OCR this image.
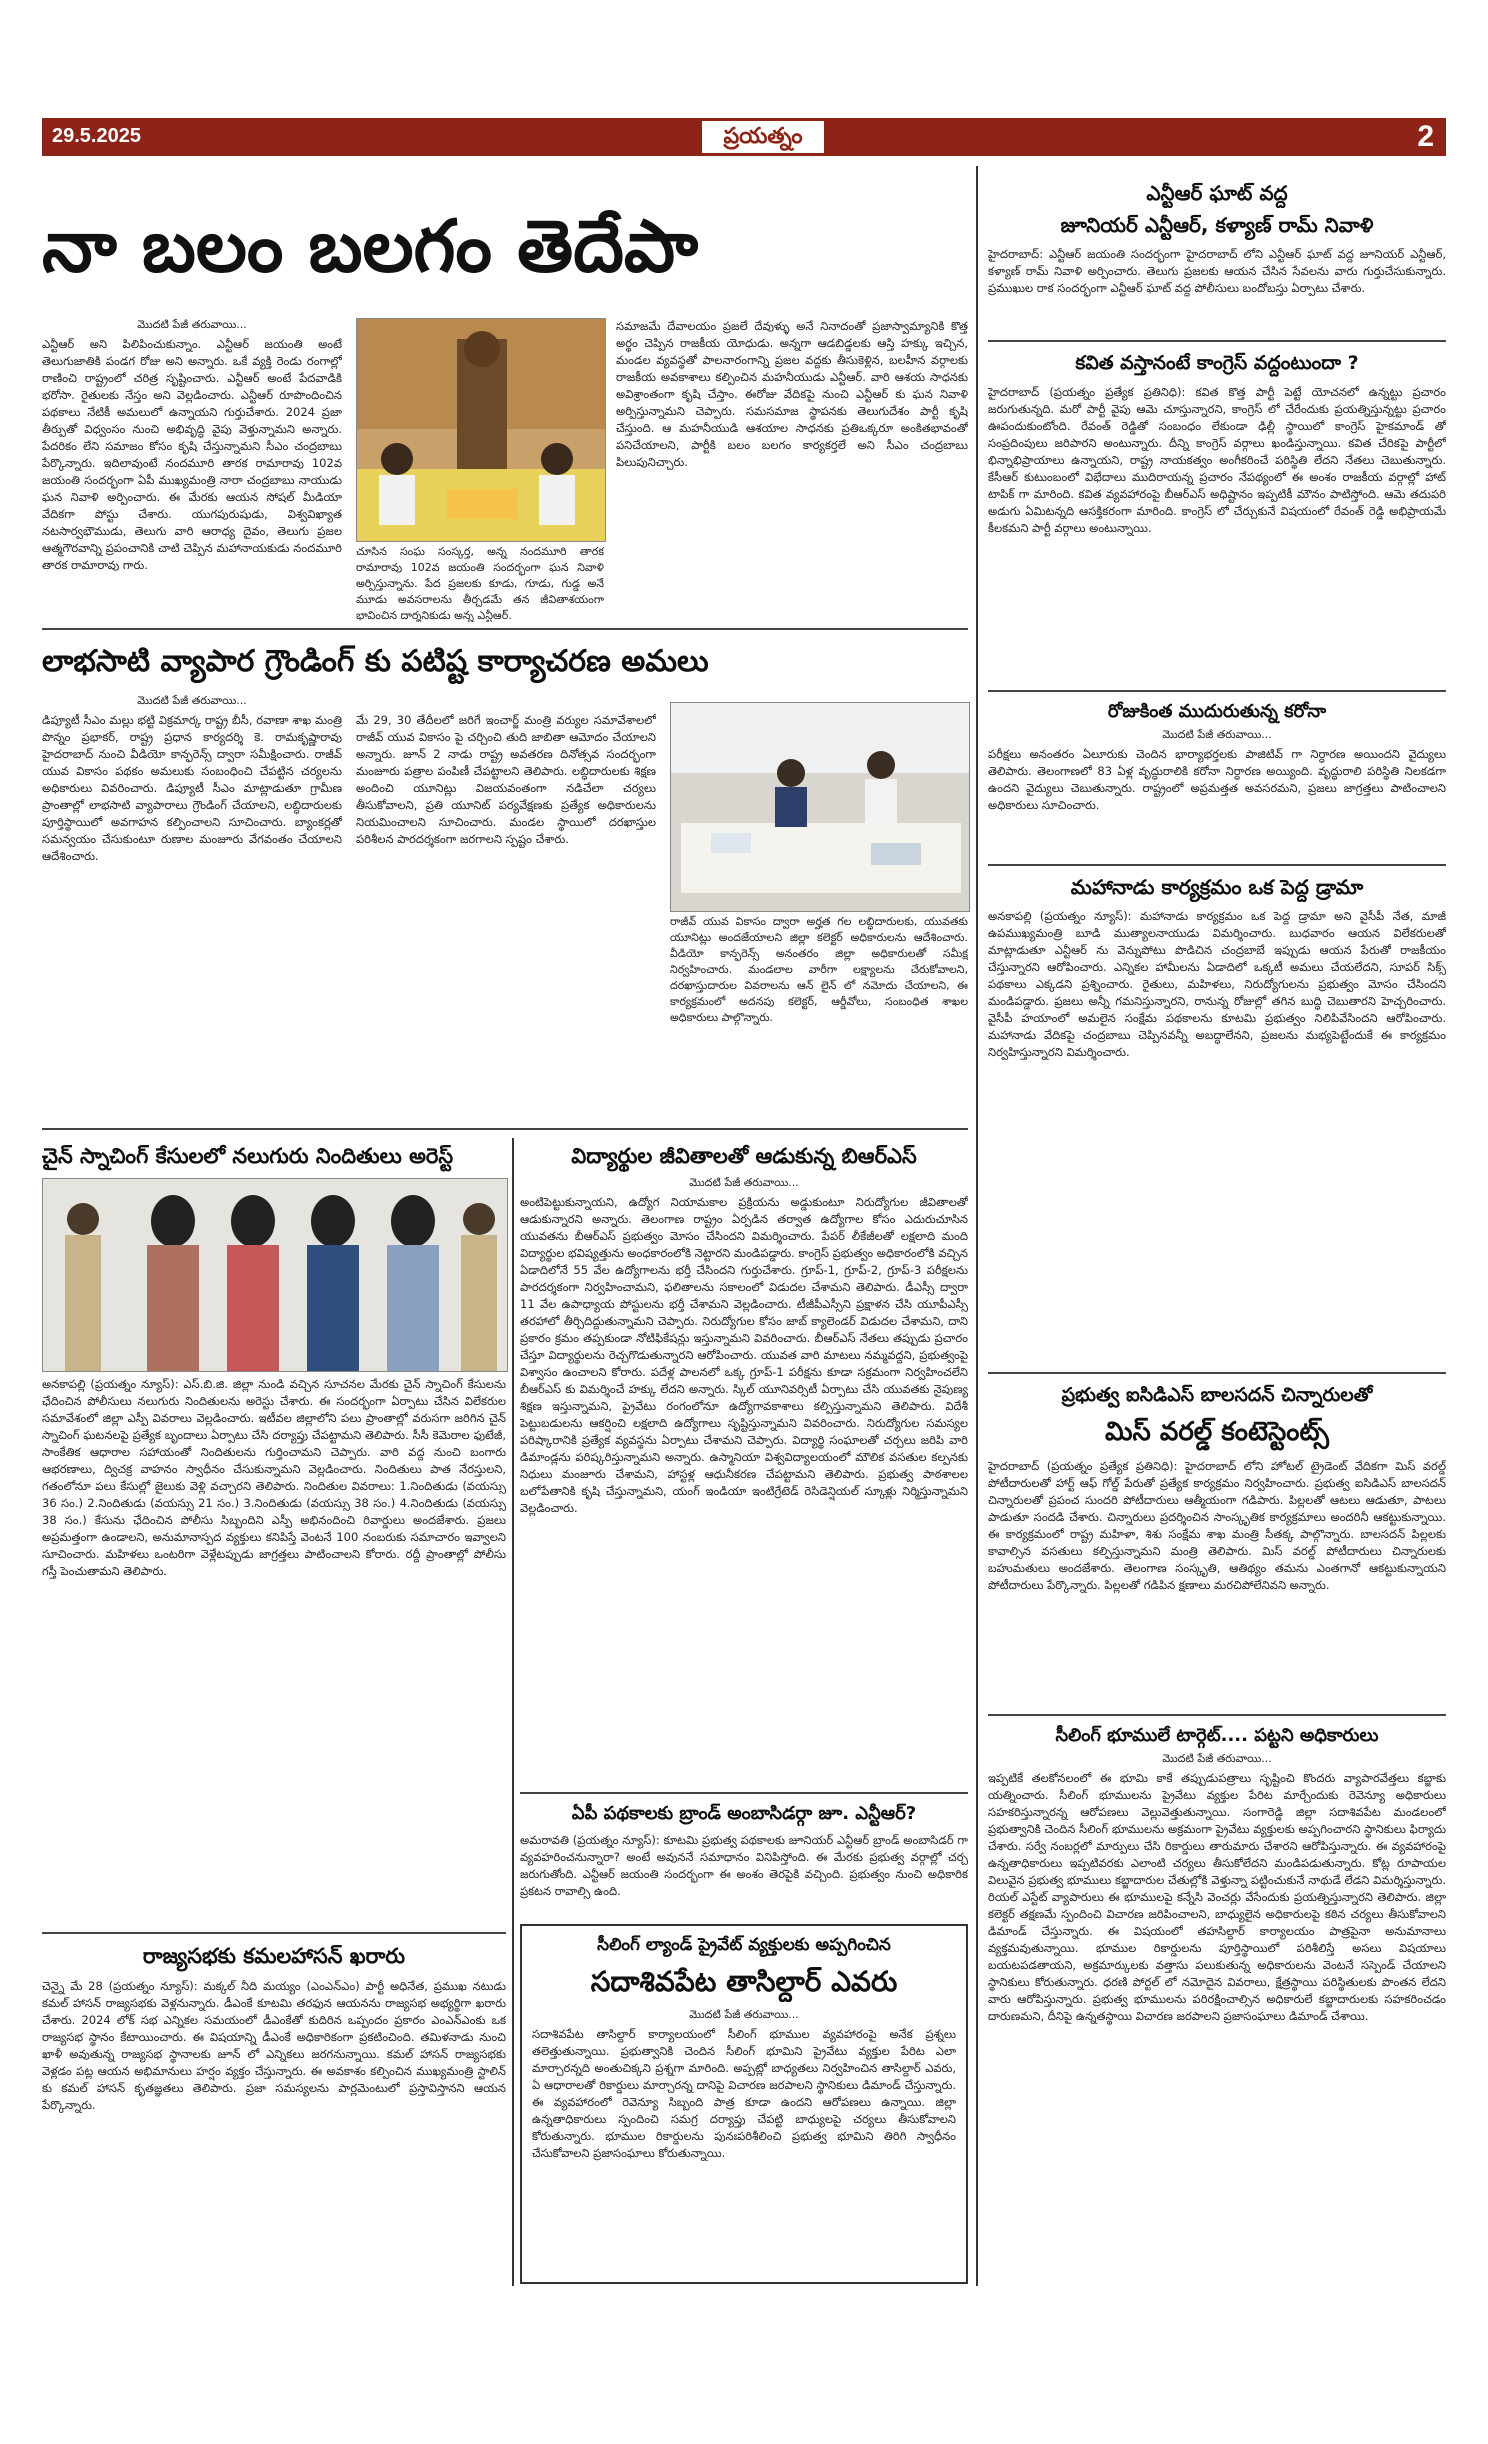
29.5.2025	ప్రయత్నం	2
నా బలం బలగం తెదేపా
మొదటి పేజీ తరువాయి...
ఎన్టీఆర్ అని పిలిపించుకున్నాం. ఎన్టీఆర్ జయంతి అంటే తెలుగుజాతికి పండగ రోజు అని అన్నారు. ఒకే వ్యక్తి రెండు రంగాల్లో రాణించి రాష్ట్రంలో చరిత్ర సృష్టించారు. ఎన్టీఆర్ అంటే పేదవాడికి భరోసా. రైతులకు నేస్తం అని వెల్లడించారు. ఎన్టీఆర్ రూపొందించిన పథకాలు నేటికీ అమలులో ఉన్నాయని గుర్తుచేశారు. 2024 ప్రజా తీర్పుతో విధ్వంసం నుంచి అభివృద్ధి వైపు వెళ్తున్నామని అన్నారు. పేదరికం లేని సమాజం కోసం కృషి చేస్తున్నామని సీఎం చంద్రబాబు పేర్కొన్నారు. ఇదిలావుంటే నందమూరి తారక రామారావు 102వ జయంతి సందర్భంగా ఏపీ ముఖ్యమంత్రి నారా చంద్రబాబు నాయుడు ఘన నివాళి అర్పించారు. ఈ మేరకు ఆయన సోషల్ మీడియా వేదికగా పోస్టు చేశారు. యుగపురుషుడు, విశ్వవిఖ్యాత నటసార్వభౌముడు, తెలుగు వారి ఆరాధ్య దైవం, తెలుగు ప్రజల ఆత్మగౌరవాన్ని ప్రపంచానికి చాటి చెప్పిన మహానాయకుడు నందమూరి తారక రామారావు గారు.
చూసిన సంఘ సంస్కర్త, అన్న నందమూరి తారక రామారావు 102వ జయంతి సందర్భంగా ఘన నివాళి అర్పిస్తున్నాను. పేద ప్రజలకు కూడు, గూడు, గుడ్డ అనే మూడు అవసరాలను తీర్చడమే తన జీవితాశయంగా భావించిన దార్శనికుడు అన్న ఎన్టీఆర్.
సమాజమే దేవాలయం ప్రజలే దేవుళ్ళు అనే నినాదంతో ప్రజాస్వామ్యానికి కొత్త అర్థం చెప్పిన రాజకీయ యోధుడు. అన్నగా ఆడబిడ్డలకు ఆస్తి హక్కు ఇచ్చిన, మండల వ్యవస్థతో పాలనారంగాన్ని ప్రజల వద్దకు తీసుకెళ్లిన, బలహీన వర్గాలకు రాజకీయ అవకాశాలు కల్పించిన మహనీయుడు ఎన్టీఆర్. వారి ఆశయ సాధనకు అవిశ్రాంతంగా కృషి చేస్తాం. ఈరోజు వేదికపై నుంచి ఎన్టీఆర్ కు ఘన నివాళి అర్పిస్తున్నామని చెప్పారు. సమసమాజ స్థాపనకు తెలుగుదేశం పార్టీ కృషి చేస్తుంది. ఆ మహనీయుడి ఆశయాల సాధనకు ప్రతిఒక్కరూ అంకితభావంతో పనిచేయాలని, పార్టీకి బలం బలగం కార్యకర్తలే అని సీఎం చంద్రబాబు పిలుపునిచ్చారు.
లాభసాటి వ్యాపార గ్రౌండింగ్ కు పటిష్ట కార్యాచరణ అమలు
మొదటి పేజీ తరువాయి...
డిప్యూటీ సీఎం మల్లు భట్టి విక్రమార్క రాష్ట్ర బీసీ, రవాణా శాఖ మంత్రి పొన్నం ప్రభాకర్, రాష్ట్ర ప్రధాన కార్యదర్శి కె. రామకృష్ణారావు హైదరాబాద్ నుంచి వీడియో కాన్ఫరెన్స్ ద్వారా సమీక్షించారు. రాజీవ్ యువ వికాసం పథకం అమలుకు సంబంధించి చేపట్టిన చర్యలను అధికారులు వివరించారు. డిప్యూటీ సీఎం మాట్లాడుతూ గ్రామీణ ప్రాంతాల్లో లాభసాటి వ్యాపారాలు గ్రౌండింగ్ చేయాలని, లబ్ధిదారులకు పూర్తిస్థాయిలో అవగాహన కల్పించాలని సూచించారు. బ్యాంకర్లతో సమన్వయం చేసుకుంటూ రుణాల మంజూరు వేగవంతం చేయాలని ఆదేశించారు.
మే 29, 30 తేదీలలో జరిగే ఇంచార్జ్ మంత్రి వర్యుల సమావేశాలలో రాజీవ్ యువ వికాసం పై చర్చించి తుది జాబితా ఆమోదం చేయాలని అన్నారు. జూన్ 2 నాడు రాష్ట్ర అవతరణ దినోత్సవ సందర్భంగా మంజూరు పత్రాల పంపిణీ చేపట్టాలని తెలిపారు. లబ్ధిదారులకు శిక్షణ అందించి యూనిట్లు విజయవంతంగా నడిచేలా చర్యలు తీసుకోవాలని, ప్రతి యూనిట్ పర్యవేక్షణకు ప్రత్యేక అధికారులను నియమించాలని సూచించారు. మండల స్థాయిలో దరఖాస్తుల పరిశీలన పారదర్శకంగా జరగాలని స్పష్టం చేశారు.
రాజీవ్ యువ వికాసం ద్వారా అర్హత గల లబ్ధిదారులకు, యువతకు యూనిట్లు అందజేయాలని జిల్లా కలెక్టర్ అధికారులను ఆదేశించారు. వీడియో కాన్ఫరెన్స్ అనంతరం జిల్లా అధికారులతో సమీక్ష నిర్వహించారు. మండలాల వారీగా లక్ష్యాలను చేరుకోవాలని, దరఖాస్తుదారుల వివరాలను ఆన్ లైన్ లో నమోదు చేయాలని, ఈ కార్యక్రమంలో అదనపు కలెక్టర్, ఆర్డీవోలు, సంబంధిత శాఖల అధికారులు పాల్గొన్నారు.
చైన్ స్నాచింగ్ కేసులలో నలుగురు నిందితులు అరెస్ట్
అనకాపల్లి (ప్రయత్నం న్యూస్): ఎస్.బి.జి. జిల్లా నుండి వచ్చిన సూచనల మేరకు చైన్ స్నాచింగ్ కేసులను ఛేదించిన పోలీసులు నలుగురు నిందితులను అరెస్టు చేశారు. ఈ సందర్భంగా ఏర్పాటు చేసిన విలేకరుల సమావేశంలో జిల్లా ఎస్పీ వివరాలు వెల్లడించారు. ఇటీవల జిల్లాలోని పలు ప్రాంతాల్లో వరుసగా జరిగిన చైన్ స్నాచింగ్ ఘటనలపై ప్రత్యేక బృందాలు ఏర్పాటు చేసి దర్యాప్తు చేపట్టామని తెలిపారు. సీసీ కెమెరాల ఫుటేజీ, సాంకేతిక ఆధారాల సహాయంతో నిందితులను గుర్తించామని చెప్పారు. వారి వద్ద నుంచి బంగారు ఆభరణాలు, ద్విచక్ర వాహనం స్వాధీనం చేసుకున్నామని వెల్లడించారు. నిందితులు పాత నేరస్తులని, గతంలోనూ పలు కేసుల్లో జైలుకు వెళ్లి వచ్చారని తెలిపారు. నిందితుల వివరాలు: 1.నిందితుడు (వయస్సు 36 సం.) 2.నిందితుడు (వయస్సు 21 సం.) 3.నిందితుడు (వయస్సు 38 సం.) 4.నిందితుడు (వయస్సు 38 సం.) కేసును ఛేదించిన పోలీసు సిబ్బందిని ఎస్పీ అభినందించి రివార్డులు అందజేశారు. ప్రజలు అప్రమత్తంగా ఉండాలని, అనుమానాస్పద వ్యక్తులు కనిపిస్తే వెంటనే 100 నంబరుకు సమాచారం ఇవ్వాలని సూచించారు. మహిళలు ఒంటరిగా వెళ్లేటప్పుడు జాగ్రత్తలు పాటించాలని కోరారు. రద్దీ ప్రాంతాల్లో పోలీసు గస్తీ పెంచుతామని తెలిపారు.
రాజ్యసభకు కమలహాసన్ ఖరారు
చెన్నై మే 28 (ప్రయత్నం న్యూస్): మక్కల్ నీది మయ్యం (ఎంఎన్ఎం) పార్టీ అధినేత, ప్రముఖ నటుడు కమల్ హాసన్ రాజ్యసభకు వెళ్లనున్నారు. డీఎంకే కూటమి తరఫున ఆయనను రాజ్యసభ అభ్యర్థిగా ఖరారు చేశారు. 2024 లోక్ సభ ఎన్నికల సమయంలో డీఎంకేతో కుదిరిన ఒప్పందం ప్రకారం ఎంఎన్ఎంకు ఒక రాజ్యసభ స్థానం కేటాయించారు. ఈ విషయాన్ని డీఎంకే అధికారికంగా ప్రకటించింది. తమిళనాడు నుంచి ఖాళీ అవుతున్న రాజ్యసభ స్థానాలకు జూన్ లో ఎన్నికలు జరగనున్నాయి. కమల్ హాసన్ రాజ్యసభకు వెళ్లడం పట్ల ఆయన అభిమానులు హర్షం వ్యక్తం చేస్తున్నారు. ఈ అవకాశం కల్పించిన ముఖ్యమంత్రి స్టాలిన్ కు కమల్ హాసన్ కృతజ్ఞతలు తెలిపారు. ప్రజా సమస్యలను పార్లమెంటులో ప్రస్తావిస్తానని ఆయన పేర్కొన్నారు.
విద్యార్థుల జీవితాలతో ఆడుకున్న బిఆర్ఎస్
మొదటి పేజీ తరువాయి...
అంటిపెట్టుకున్నాయని, ఉద్యోగ నియామకాల ప్రక్రియను అడ్డుకుంటూ నిరుద్యోగుల జీవితాలతో ఆడుకున్నారని అన్నారు. తెలంగాణ రాష్ట్రం ఏర్పడిన తర్వాత ఉద్యోగాల కోసం ఎదురుచూసిన యువతను బీఆర్ఎస్ ప్రభుత్వం మోసం చేసిందని విమర్శించారు. పేపర్ లీకేజీలతో లక్షలాది మంది విద్యార్థుల భవిష్యత్తును అంధకారంలోకి నెట్టారని మండిపడ్డారు. కాంగ్రెస్ ప్రభుత్వం అధికారంలోకి వచ్చిన ఏడాదిలోనే 55 వేల ఉద్యోగాలను భర్తీ చేసిందని గుర్తుచేశారు. గ్రూప్-1, గ్రూప్-2, గ్రూప్-3 పరీక్షలను పారదర్శకంగా నిర్వహించామని, ఫలితాలను సకాలంలో విడుదల చేశామని తెలిపారు. డీఎస్సీ ద్వారా 11 వేల ఉపాధ్యాయ పోస్టులను భర్తీ చేశామని వెల్లడించారు. టీజీపీఎస్సీని ప్రక్షాళన చేసి యూపీఎస్సీ తరహాలో తీర్చిదిద్దుతున్నామని చెప్పారు. నిరుద్యోగుల కోసం జాబ్ క్యాలెండర్ విడుదల చేశామని, దాని ప్రకారం క్రమం తప్పకుండా నోటిఫికేషన్లు ఇస్తున్నామని వివరించారు. బీఆర్ఎస్ నేతలు తప్పుడు ప్రచారం చేస్తూ విద్యార్థులను రెచ్చగొడుతున్నారని ఆరోపించారు. యువత వారి మాటలు నమ్మవద్దని, ప్రభుత్వంపై విశ్వాసం ఉంచాలని కోరారు. పదేళ్ల పాలనలో ఒక్క గ్రూప్-1 పరీక్షను కూడా సక్రమంగా నిర్వహించలేని బీఆర్ఎస్ కు విమర్శించే హక్కు లేదని అన్నారు. స్కిల్ యూనివర్సిటీ ఏర్పాటు చేసి యువతకు నైపుణ్య శిక్షణ ఇస్తున్నామని, ప్రైవేటు రంగంలోనూ ఉద్యోగావకాశాలు కల్పిస్తున్నామని తెలిపారు. విదేశీ పెట్టుబడులను ఆకర్షించి లక్షలాది ఉద్యోగాలు సృష్టిస్తున్నామని వివరించారు. నిరుద్యోగుల సమస్యల పరిష్కారానికి ప్రత్యేక వ్యవస్థను ఏర్పాటు చేశామని చెప్పారు. విద్యార్థి సంఘాలతో చర్చలు జరిపి వారి డిమాండ్లను పరిష్కరిస్తున్నామని అన్నారు. ఉస్మానియా విశ్వవిద్యాలయంలో మౌలిక వసతుల కల్పనకు నిధులు మంజూరు చేశామని, హాస్టళ్ల ఆధునీకరణ చేపట్టామని తెలిపారు. ప్రభుత్వ పాఠశాలల బలోపేతానికి కృషి చేస్తున్నామని, యంగ్ ఇండియా ఇంటిగ్రేటెడ్ రెసిడెన్షియల్ స్కూళ్లు నిర్మిస్తున్నామని వెల్లడించారు.
ఏపీ పథకాలకు బ్రాండ్ అంబాసిడర్గా జూ. ఎన్టీఆర్?
అమరావతి (ప్రయత్నం న్యూస్): కూటమి ప్రభుత్వ పథకాలకు జూనియర్ ఎన్టీఆర్ బ్రాండ్ అంబాసిడర్ గా వ్యవహరించనున్నారా? అంటే అవుననే సమాధానం వినిపిస్తోంది. ఈ మేరకు ప్రభుత్వ వర్గాల్లో చర్చ జరుగుతోంది. ఎన్టీఆర్ జయంతి సందర్భంగా ఈ అంశం తెరపైకి వచ్చింది. ప్రభుత్వం నుంచి అధికారిక ప్రకటన రావాల్సి ఉంది.
సీలింగ్ ల్యాండ్ ప్రైవేట్ వ్యక్తులకు అప్పగించిన
సదాశివపేట తాసిల్దార్ ఎవరు
మొదటి పేజీ తరువాయి...
సదాశివపేట తాసిల్దార్ కార్యాలయంలో సీలింగ్ భూముల వ్యవహారంపై అనేక ప్రశ్నలు తలెత్తుతున్నాయి. ప్రభుత్వానికి చెందిన సీలింగ్ భూమిని ప్రైవేటు వ్యక్తుల పేరిట ఎలా మార్చారన్నది అంతుచిక్కని ప్రశ్నగా మారింది. అప్పట్లో బాధ్యతలు నిర్వహించిన తాసిల్దార్ ఎవరు, ఏ ఆధారాలతో రికార్డులు మార్చారన్న దానిపై విచారణ జరపాలని స్థానికులు డిమాండ్ చేస్తున్నారు. ఈ వ్యవహారంలో రెవెన్యూ సిబ్బంది పాత్ర కూడా ఉందని ఆరోపణలు ఉన్నాయి. జిల్లా ఉన్నతాధికారులు స్పందించి సమగ్ర దర్యాప్తు చేపట్టి బాధ్యులపై చర్యలు తీసుకోవాలని కోరుతున్నారు. భూముల రికార్డులను పునఃపరిశీలించి ప్రభుత్వ భూమిని తిరిగి స్వాధీనం చేసుకోవాలని ప్రజాసంఘాలు కోరుతున్నాయి.
ఎన్టీఆర్ ఘాట్ వద్ద
జూనియర్ ఎన్టీఆర్, కళ్యాణ్ రామ్ నివాళి
హైదరాబాద్: ఎన్టీఆర్ జయంతి సందర్భంగా హైదరాబాద్ లోని ఎన్టీఆర్ ఘాట్ వద్ద జూనియర్ ఎన్టీఆర్, కళ్యాణ్ రామ్ నివాళి అర్పించారు. తెలుగు ప్రజలకు ఆయన చేసిన సేవలను వారు గుర్తుచేసుకున్నారు. ప్రముఖుల రాక సందర్భంగా ఎన్టీఆర్ ఘాట్ వద్ద పోలీసులు బందోబస్తు ఏర్పాటు చేశారు.
కవిత వస్తానంటే కాంగ్రెస్ వద్దంటుందా ?
హైదరాబాద్ (ప్రయత్నం ప్రత్యేక ప్రతినిధి): కవిత కొత్త పార్టీ పెట్టే యోచనలో ఉన్నట్టు ప్రచారం జరుగుతున్నది. మరో పార్టీ వైపు ఆమె చూస్తున్నారని, కాంగ్రెస్ లో చేరేందుకు ప్రయత్నిస్తున్నట్టు ప్రచారం ఊపందుకుంటోంది. రేవంత్ రెడ్డితో సంబంధం లేకుండా ఢిల్లీ స్థాయిలో కాంగ్రెస్ హైకమాండ్ తో సంప్రదింపులు జరిపారని అంటున్నారు. దీన్ని కాంగ్రెస్ వర్గాలు ఖండిస్తున్నాయి. కవిత చేరికపై పార్టీలో భిన్నాభిప్రాయాలు ఉన్నాయని, రాష్ట్ర నాయకత్వం అంగీకరించే పరిస్థితి లేదని నేతలు చెబుతున్నారు. కేసీఆర్ కుటుంబంలో విభేదాలు ముదిరాయన్న ప్రచారం నేపథ్యంలో ఈ అంశం రాజకీయ వర్గాల్లో హాట్ టాపిక్ గా మారింది. కవిత వ్యవహారంపై బీఆర్ఎస్ అధిష్టానం ఇప్పటికీ మౌనం పాటిస్తోంది. ఆమె తదుపరి అడుగు ఏమిటన్నది ఆసక్తికరంగా మారింది. కాంగ్రెస్ లో చేర్చుకునే విషయంలో రేవంత్ రెడ్డి అభిప్రాయమే కీలకమని పార్టీ వర్గాలు అంటున్నాయి.
రోజుకింత ముదురుతున్న కరోనా
మొదటి పేజీ తరువాయి...
పరీక్షలు అనంతరం ఏలూరుకు చెందిన భార్యాభర్తలకు పాజిటివ్ గా నిర్ధారణ అయిందని వైద్యులు తెలిపారు. తెలంగాణలో 83 ఏళ్ల వృద్ధురాలికి కరోనా నిర్ధారణ అయ్యింది. వృద్ధురాలి పరిస్థితి నిలకడగా ఉందని వైద్యులు చెబుతున్నారు. రాష్ట్రంలో అప్రమత్తత అవసరమని, ప్రజలు జాగ్రత్తలు పాటించాలని అధికారులు సూచించారు.
మహానాడు కార్యక్రమం ఒక పెద్ద డ్రామా
అనకాపల్లి (ప్రయత్నం న్యూస్): మహానాడు కార్యక్రమం ఒక పెద్ద డ్రామా అని వైసీపీ నేత, మాజీ ఉపముఖ్యమంత్రి బూడి ముత్యాలనాయుడు విమర్శించారు. బుధవారం ఆయన విలేకరులతో మాట్లాడుతూ ఎన్టీఆర్ ను వెన్నుపోటు పొడిచిన చంద్రబాబే ఇప్పుడు ఆయన పేరుతో రాజకీయం చేస్తున్నారని ఆరోపించారు. ఎన్నికల హామీలను ఏడాదిలో ఒక్కటీ అమలు చేయలేదని, సూపర్ సిక్స్ పథకాలు ఎక్కడని ప్రశ్నించారు. రైతులు, మహిళలు, నిరుద్యోగులను ప్రభుత్వం మోసం చేసిందని మండిపడ్డారు. ప్రజలు అన్నీ గమనిస్తున్నారని, రానున్న రోజుల్లో తగిన బుద్ధి చెబుతారని హెచ్చరించారు. వైసీపీ హయాంలో అమలైన సంక్షేమ పథకాలను కూటమి ప్రభుత్వం నిలిపివేసిందని ఆరోపించారు. మహానాడు వేదికపై చంద్రబాబు చెప్పినవన్నీ అబద్ధాలేనని, ప్రజలను మభ్యపెట్టేందుకే ఈ కార్యక్రమం నిర్వహిస్తున్నారని విమర్శించారు.
ప్రభుత్వ ఐసిడిఎస్ బాలసదన్ చిన్నారులతో
మిస్ వరల్డ్ కంటెస్టెంట్స్
హైదరాబాద్ (ప్రయత్నం ప్రత్యేక ప్రతినిధి): హైదరాబాద్ లోని హోటల్ ట్రైడెంట్ వేదికగా మిస్ వరల్డ్ పోటీదారులతో హార్ట్ ఆఫ్ గోల్డ్ పేరుతో ప్రత్యేక కార్యక్రమం నిర్వహించారు. ప్రభుత్వ ఐసిడిఎస్ బాలసదన్ చిన్నారులతో ప్రపంచ సుందరి పోటీదారులు ఆత్మీయంగా గడిపారు. పిల్లలతో ఆటలు ఆడుతూ, పాటలు పాడుతూ సందడి చేశారు. చిన్నారులు ప్రదర్శించిన సాంస్కృతిక కార్యక్రమాలు అందరినీ ఆకట్టుకున్నాయి. ఈ కార్యక్రమంలో రాష్ట్ర మహిళా, శిశు సంక్షేమ శాఖ మంత్రి సీతక్క పాల్గొన్నారు. బాలసదన్ పిల్లలకు కావాల్సిన వసతులు కల్పిస్తున్నామని మంత్రి తెలిపారు. మిస్ వరల్డ్ పోటీదారులు చిన్నారులకు బహుమతులు అందజేశారు. తెలంగాణ సంస్కృతి, ఆతిథ్యం తమను ఎంతగానో ఆకట్టుకున్నాయని పోటీదారులు పేర్కొన్నారు. పిల్లలతో గడిపిన క్షణాలు మరచిపోలేనివని అన్నారు.
సీలింగ్ భూములే టార్గెట్.... పట్టని అధికారులు
మొదటి పేజీ తరువాయి...
ఇప్పటికే తలకోనలంలో ఈ భూమి కాకే తప్పుడుపత్రాలు సృష్టించి కొందరు వ్యాపారవేత్తలు కబ్జాకు యత్నించారు. సీలింగ్ భూములను ప్రైవేటు వ్యక్తుల పేరిట మార్చేందుకు రెవెన్యూ అధికారులు సహకరిస్తున్నారన్న ఆరోపణలు వెల్లువెత్తుతున్నాయి. సంగారెడ్డి జిల్లా సదాశివపేట మండలంలో ప్రభుత్వానికి చెందిన సీలింగ్ భూములను అక్రమంగా ప్రైవేటు వ్యక్తులకు అప్పగించారని స్థానికులు ఫిర్యాదు చేశారు. సర్వే నంబర్లలో మార్పులు చేసి రికార్డులు తారుమారు చేశారని ఆరోపిస్తున్నారు. ఈ వ్యవహారంపై ఉన్నతాధికారులు ఇప్పటివరకు ఎలాంటి చర్యలు తీసుకోలేదని మండిపడుతున్నారు. కోట్ల రూపాయల విలువైన ప్రభుత్వ భూములు కబ్జాదారుల చేతుల్లోకి వెళ్తున్నా పట్టించుకునే నాథుడే లేడని విమర్శిస్తున్నారు. రియల్ ఎస్టేట్ వ్యాపారులు ఈ భూములపై కన్నేసి వెంచర్లు వేసేందుకు ప్రయత్నిస్తున్నారని తెలిపారు. జిల్లా కలెక్టర్ తక్షణమే స్పందించి విచారణ జరిపించాలని, బాధ్యులైన అధికారులపై కఠిన చర్యలు తీసుకోవాలని డిమాండ్ చేస్తున్నారు. ఈ విషయంలో తహసిల్దార్ కార్యాలయం పాత్రపైనా అనుమానాలు వ్యక్తమవుతున్నాయి. భూముల రికార్డులను పూర్తిస్థాయిలో పరిశీలిస్తే అసలు విషయాలు బయటపడతాయని, అక్రమార్కులకు వత్తాసు పలుకుతున్న అధికారులను వెంటనే సస్పెండ్ చేయాలని స్థానికులు కోరుతున్నారు. ధరణి పోర్టల్ లో నమోదైన వివరాలు, క్షేత్రస్థాయి పరిస్థితులకు పొంతన లేదని వారు ఆరోపిస్తున్నారు. ప్రభుత్వ భూములను పరిరక్షించాల్సిన అధికారులే కబ్జాదారులకు సహకరించడం దారుణమని, దీనిపై ఉన్నతస్థాయి విచారణ జరపాలని ప్రజాసంఘాలు డిమాండ్ చేశాయి.
